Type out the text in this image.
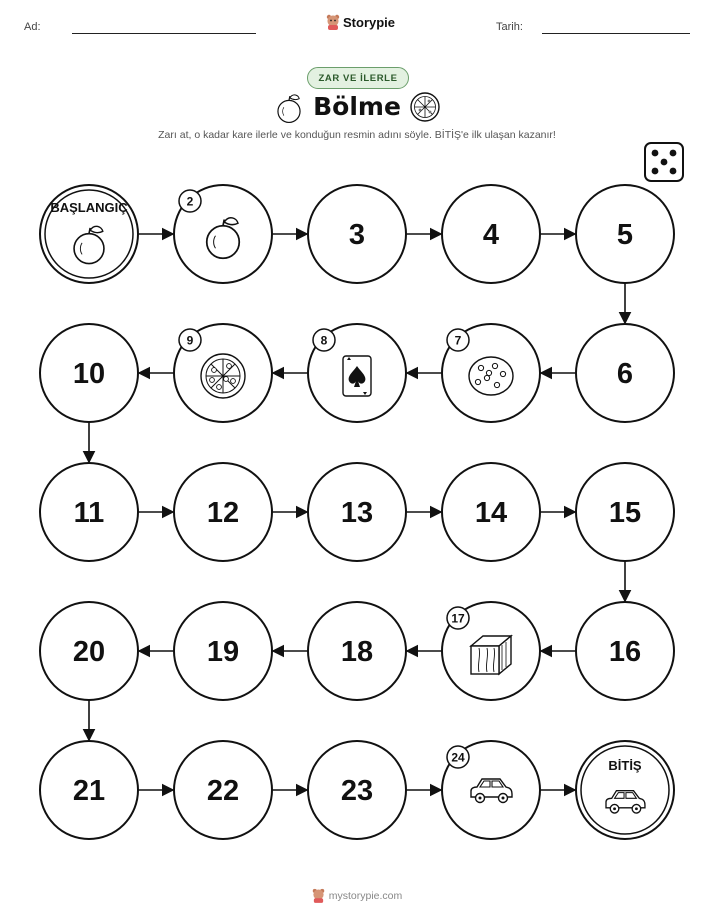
Ad:	Tarih:
Storypie
ZAR VE İLERLE
Bölme
Zarı at, o kadar kare ilerle ve konduğun resmin adını söyle. BİTİŞ'e ilk ulaşan kazanır!
BAŞLANGIÇ	2
3	4	5
6
7
8
9
10
11	12	13	14	15
16
17
18
19
20
21	22	23
24
BİTİŞ
mystorypie.com
